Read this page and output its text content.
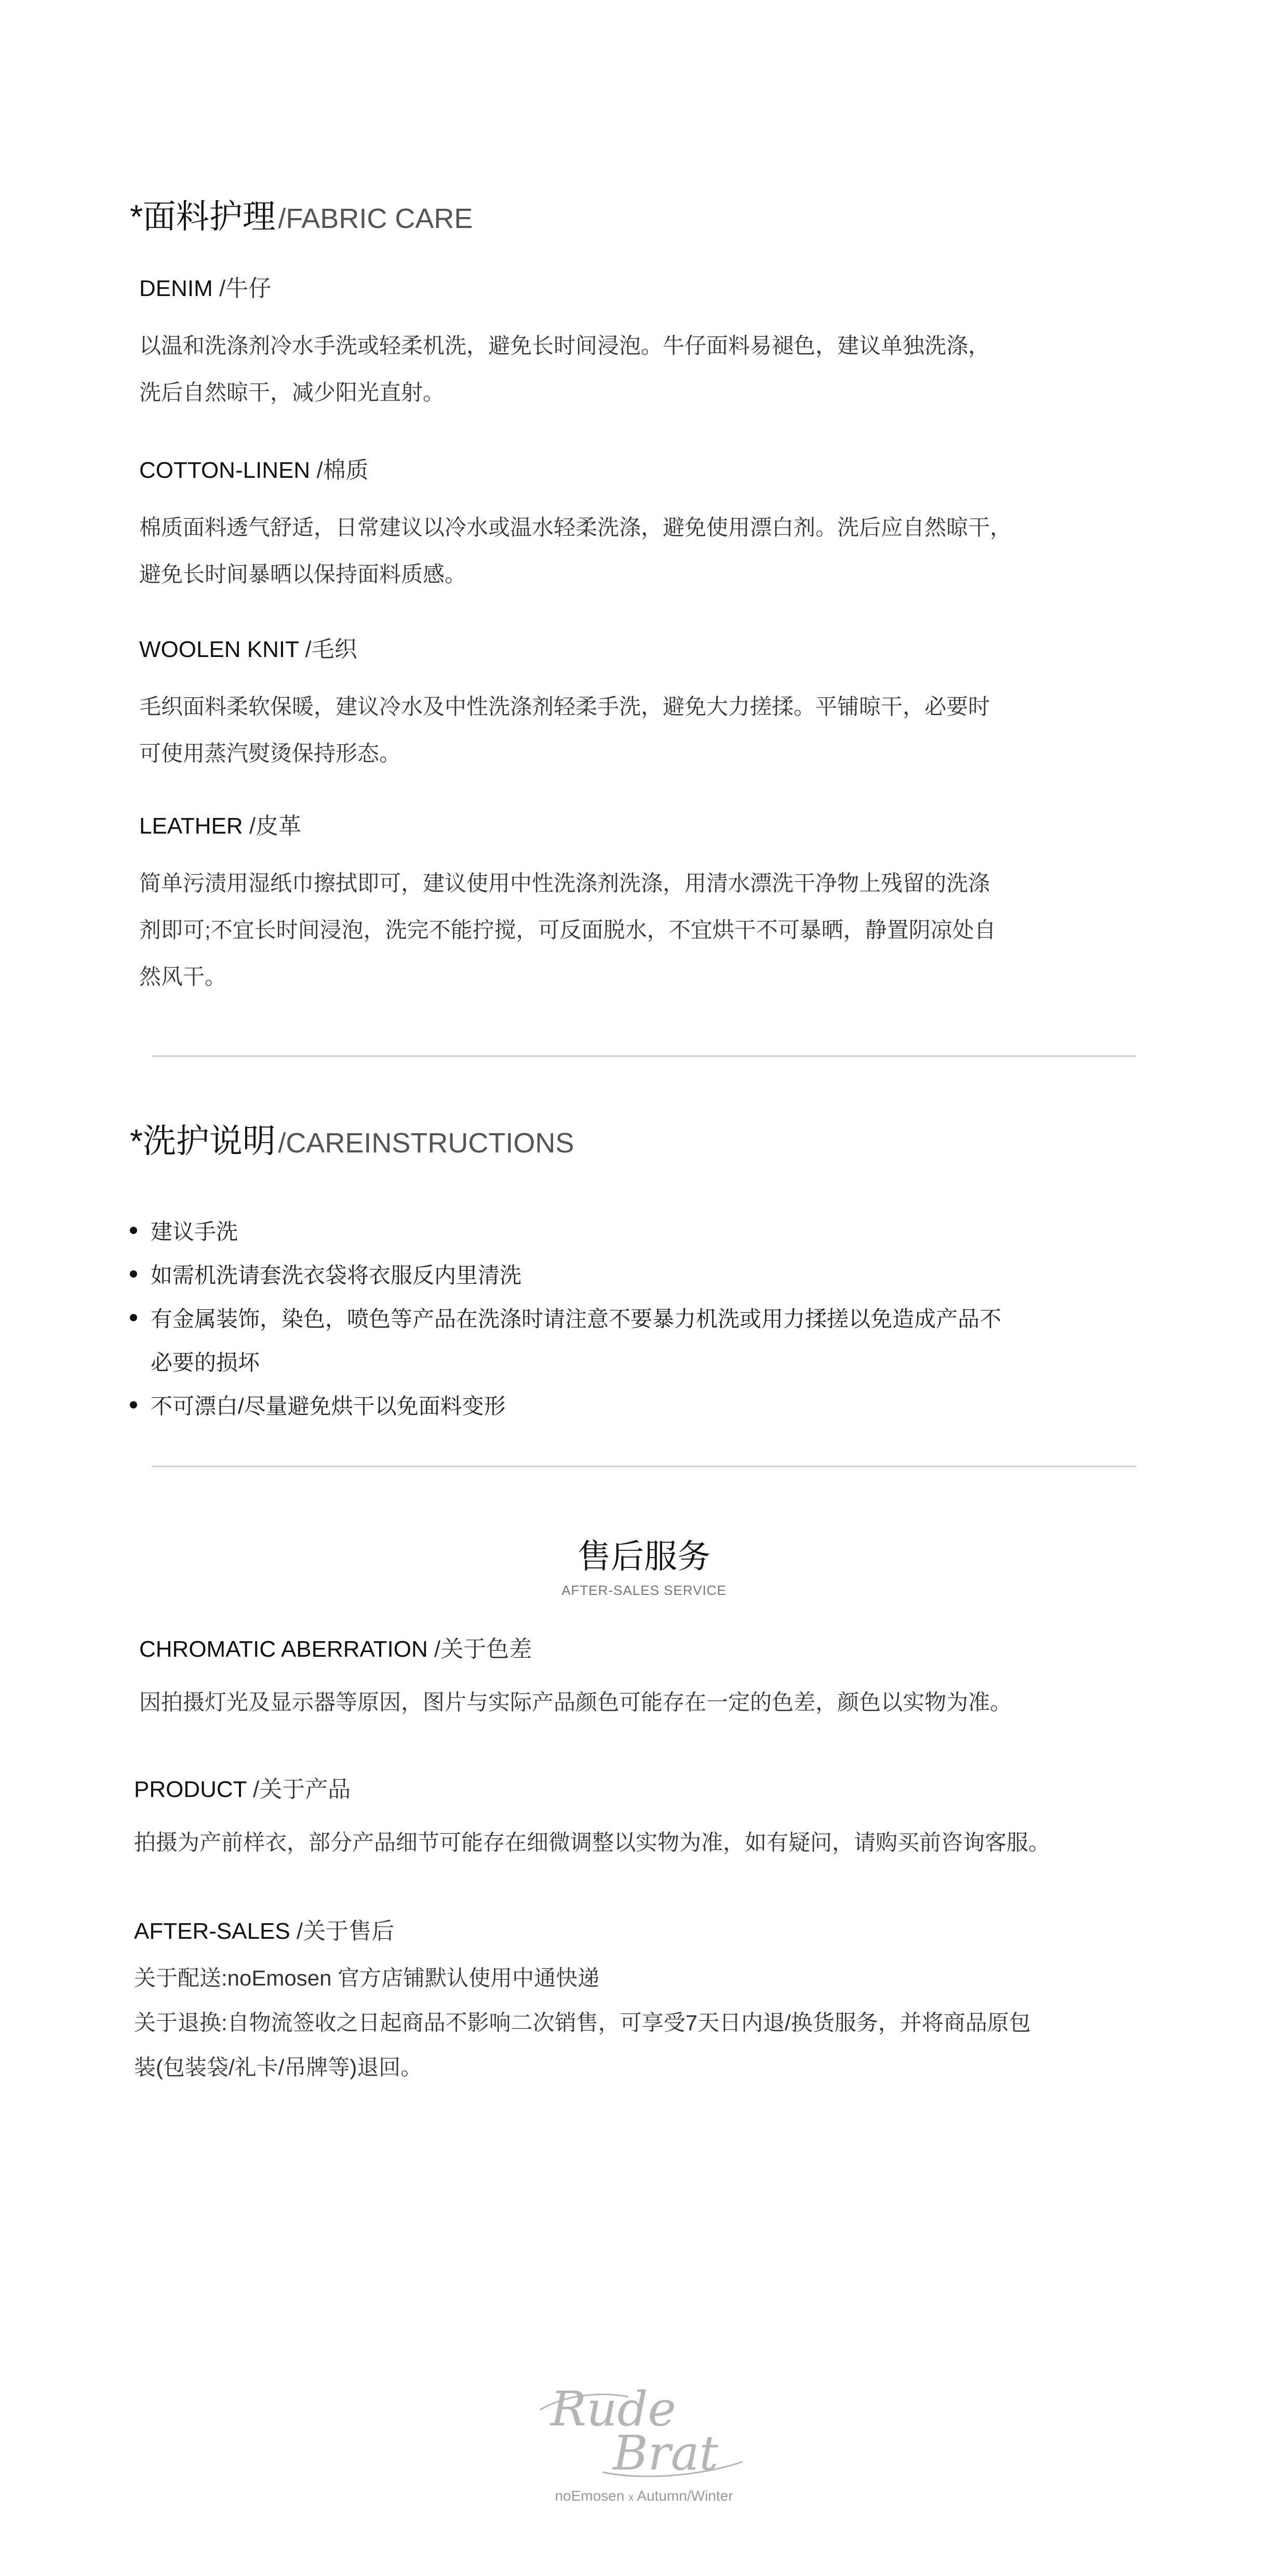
*面料护理 /FABRIC CARE
DENIM /牛仔
以温和洗涤剂冷水手洗或轻柔机洗，避免长时间浸泡。牛仔面料易褪色，建议单独洗涤，
洗后自然晾干，减少阳光直射。
COTTON-LINEN /棉质
棉质面料透气舒适，日常建议以冷水或温水轻柔洗涤，避免使用漂白剂。洗后应自然晾干，
避免长时间暴晒以保持面料质感。
WOOLEN KNIT /毛织
毛织面料柔软保暖，建议冷水及中性洗涤剂轻柔手洗，避免大力搓揉。平铺晾干，必要时
可使用蒸汽熨烫保持形态。
LEATHER /皮革
简单污渍用湿纸巾擦拭即可，建议使用中性洗涤剂洗涤，用清水漂洗干净物上残留的洗涤
剂即可;不宜长时间浸泡，洗完不能拧搅，可反面脱水，不宜烘干不可暴晒，静置阴凉处自
然风干。
*洗护说明 /CAREINSTRUCTIONS
建议手洗
如需机洗请套洗衣袋将衣服反内里清洗
有金属装饰，染色，喷色等产品在洗涤时请注意不要暴力机洗或用力揉搓以免造成产品不
必要的损坏
不可漂白/尽量避免烘干以免面料变形
售后服务
AFTER-SALES SERVICE
CHROMATIC ABERRATION /关于色差
因拍摄灯光及显示器等原因，图片与实际产品颜色可能存在一定的色差，颜色以实物为准。
PRODUCT /关于产品
拍摄为产前样衣，部分产品细节可能存在细微调整以实物为准，如有疑问，请购买前咨询客服。
AFTER-SALES /关于售后
关于配送:noEmosen 官方店铺默认使用中通快递
关于退换:自物流签收之日起商品不影响二次销售，可享受7天日内退/换货服务，并将商品原包
装(包装袋/礼卡/吊牌等)退回。
Rude
Brat
noEmosen x Autumn/Winter
